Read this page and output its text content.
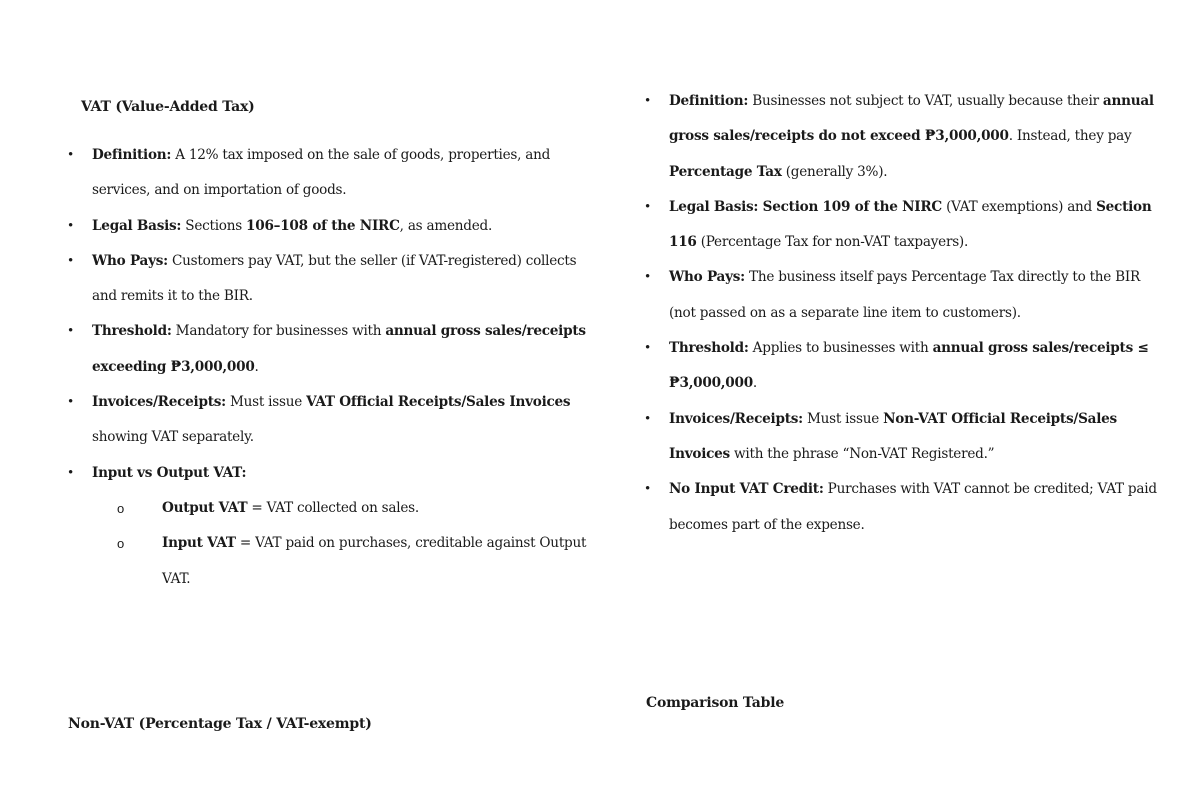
VAT (Value-Added Tax)
• Definition: A 12% tax imposed on the sale of goods, properties, and services, and on importation of goods.
• Legal Basis: Sections 106–108 of the NIRC, as amended.
• Who Pays: Customers pay VAT, but the seller (if VAT-registered) collects and remits it to the BIR.
• Threshold: Mandatory for businesses with annual gross sales/receipts exceeding ₱3,000,000.
• Invoices/Receipts: Must issue VAT Official Receipts/Sales Invoices showing VAT separately.
• Input vs Output VAT:
o Output VAT = VAT collected on sales.
o Input VAT = VAT paid on purchases, creditable against Output VAT.
Non-VAT (Percentage Tax / VAT-exempt)
• Definition: Businesses not subject to VAT, usually because their annual gross sales/receipts do not exceed ₱3,000,000. Instead, they pay Percentage Tax (generally 3%).
• Legal Basis: Section 109 of the NIRC (VAT exemptions) and Section 116 (Percentage Tax for non-VAT taxpayers).
• Who Pays: The business itself pays Percentage Tax directly to the BIR (not passed on as a separate line item to customers).
• Threshold: Applies to businesses with annual gross sales/receipts ≤ ₱3,000,000.
• Invoices/Receipts: Must issue Non-VAT Official Receipts/Sales Invoices with the phrase “Non-VAT Registered.”
• No Input VAT Credit: Purchases with VAT cannot be credited; VAT paid becomes part of the expense.
Comparison Table
